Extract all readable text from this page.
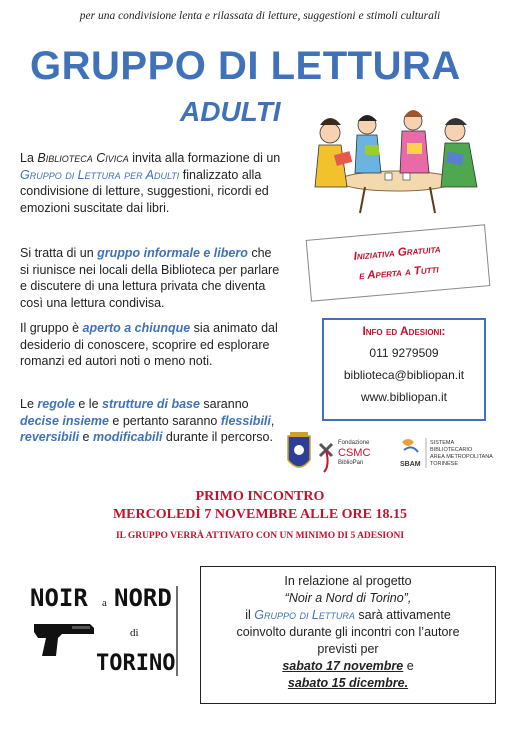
per una condivisione lenta e rilassata di letture, suggestioni e stimoli culturali
GRUPPO DI LETTURA
ADULTI

La Biblioteca Civica invita alla formazione di un Gruppo di Lettura per Adulti finalizzato alla condivisione di letture, suggestioni, ricordi ed emozioni suscitate dai libri.

Si tratta di un gruppo informale e libero che si riunisce nei locali della Biblioteca per parlare e discutere di una lettura privata che diventa così una lettura condivisa.

Il gruppo è aperto a chiunque sia animato dal desiderio di conoscere, scoprire ed esplorare romanzi ed autori noti o meno noti.

Le regole e le strutture di base saranno decise insieme e pertanto saranno flessibili, reversibili e modificabili durante il percorso.

Iniziativa Gratuita
e Aperta a Tutti
Info ed Adesioni:
011 9279509
biblioteca@bibliopan.it
www.bibliopan.it
Fondazione
CSMC
BiblioPan	SBAM
SISTEMA
BIBLIOTECARIO
AREA METROPOLITANA
TORINESE
PRIMO INCONTRO
MERCOLEDÌ 7 NOVEMBRE ALLE ORE 18.15
IL GRUPPO VERRÀ ATTIVATO CON UN MINIMO DI 5 ADESIONI
NOIR a NORD
di
TORINO
In relazione al progetto
“Noir a Nord di Torino”,
il Gruppo di Lettura sarà attivamente
coinvolto durante gli incontri con l’autore
previsti per
sabato 17 novembre e
sabato 15 dicembre.
